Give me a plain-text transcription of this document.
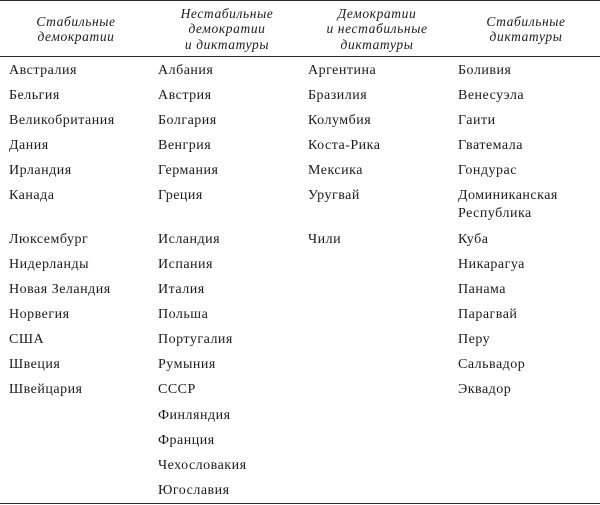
Стабильные
демократии
Нестабильные
демократии
и диктатуры
Демократии
и нестабильные
диктатуры
Стабильные
диктатуры
Австралия
Бельгия
Великобритания
Дания
Ирландия
Канада
Люксембург
Нидерланды
Новая Зеландия
Норвегия
США
Швеция
Швейцария
Албания
Австрия
Болгария
Венгрия
Германия
Греция
Исландия
Испания
Италия
Польша
Португалия
Румыния
СССР
Финляндия
Франция
Чехословакия
Югославия
Аргентина
Бразилия
Колумбия
Коста-Рика
Мексика
Уругвай
Чили
Боливия
Венесуэла
Гаити
Гватемала
Гондурас
Доминиканская Республика
Куба
Никарагуа
Панама
Парагвай
Перу
Сальвадор
Эквадор
